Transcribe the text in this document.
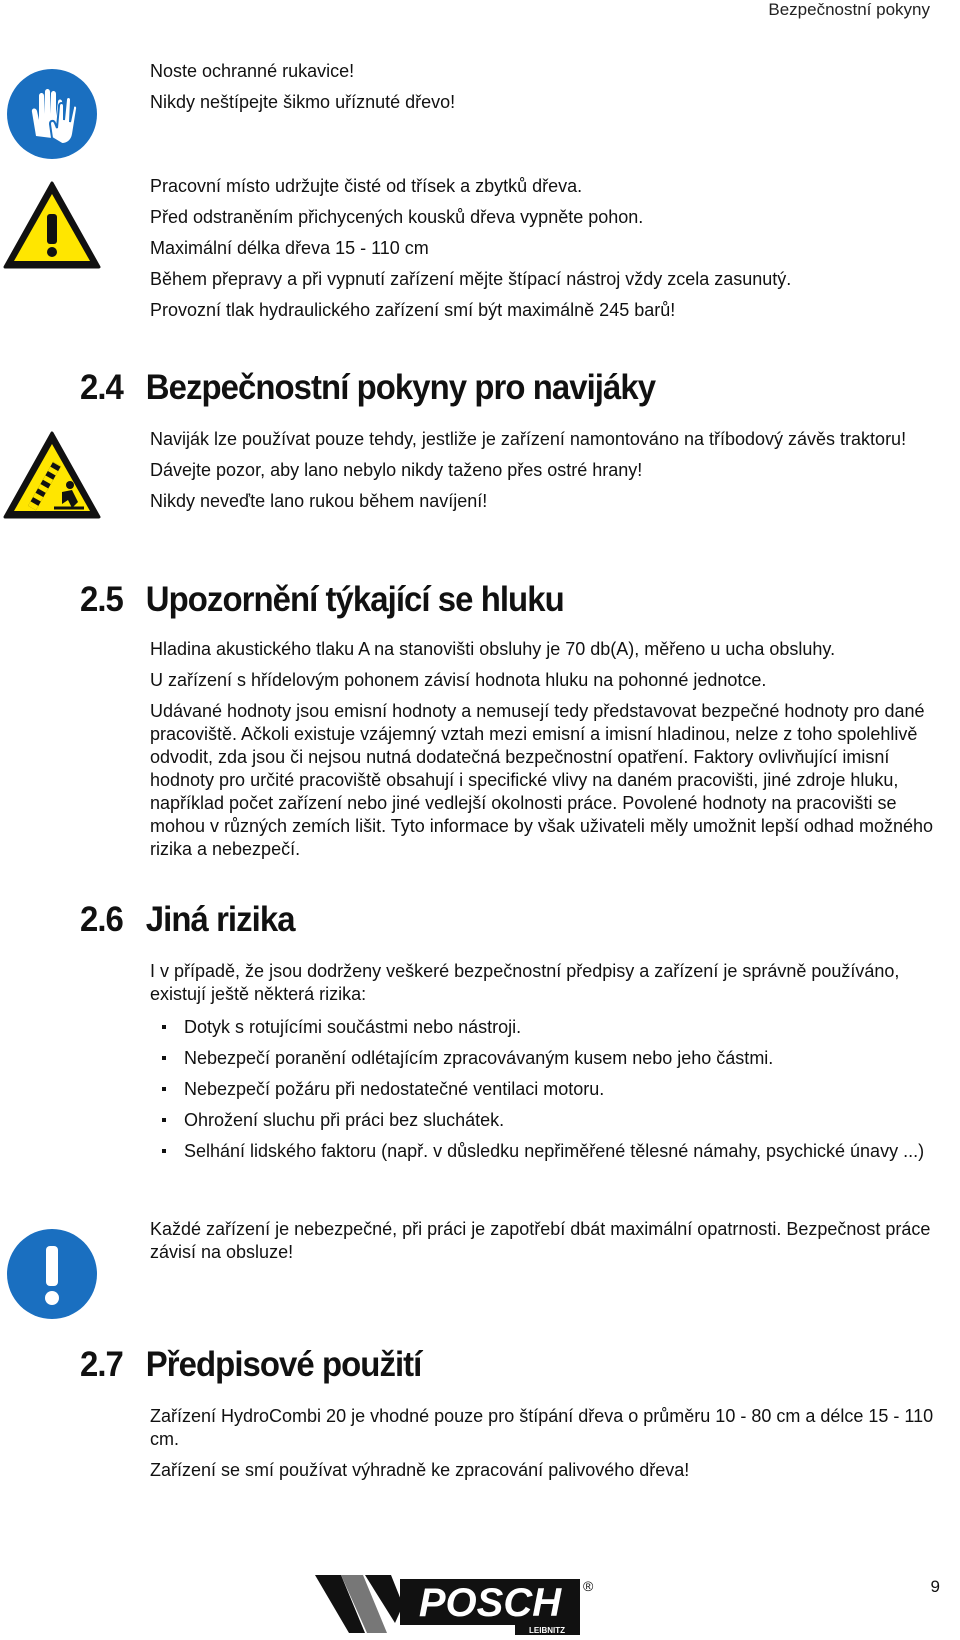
Bezpečnostní pokyny
Noste ochranné rukavice!
Nikdy neštípejte šikmo uříznuté dřevo!
Pracovní místo udržujte čisté od třísek a zbytků dřeva.
Před odstraněním přichycených kousků dřeva vypněte pohon.
Maximální délka dřeva 15 - 110 cm
Během přepravy a při vypnutí zařízení mějte štípací nástroj vždy zcela zasunutý.
Provozní tlak hydraulického zařízení smí být maximálně 245 barů!
2.4 Bezpečnostní pokyny pro navijáky
Naviják lze používat pouze tehdy, jestliže je zařízení namontováno na tříbodový závěs traktoru!
Dávejte pozor, aby lano nebylo nikdy taženo přes ostré hrany!
Nikdy neveďte lano rukou během navíjení!
2.5 Upozornění týkající se hluku
Hladina akustického tlaku A na stanovišti obsluhy je 70 db(A), měřeno u ucha obsluhy.
U zařízení s hřídelovým pohonem závisí hodnota hluku na pohonné jednotce.
Udávané hodnoty jsou emisní hodnoty a nemusejí tedy představovat bezpečné hodnoty pro dané pracoviště. Ačkoli existuje vzájemný vztah mezi emisní a imisní hladinou, nelze z toho spolehlivě odvodit, zda jsou či nejsou nutná dodatečná bezpečnostní opatření. Faktory ovlivňující imisní hodnoty pro určité pracoviště obsahují i specifické vlivy na daném pracovišti, jiné zdroje hluku, například počet zařízení nebo jiné vedlejší okolnosti práce. Povolené hodnoty na pracovišti se mohou v různých zemích lišit. Tyto informace by však uživateli měly umožnit lepší odhad možného rizika a nebezpečí.
2.6 Jiná rizika
I v případě, že jsou dodrženy veškeré bezpečnostní předpisy a zařízení je správně používáno, existují ještě některá rizika:
Dotyk s rotujícími součástmi nebo nástroji.
Nebezpečí poranění odlétajícím zpracovávaným kusem nebo jeho částmi.
Nebezpečí požáru při nedostatečné ventilaci motoru.
Ohrožení sluchu při práci bez sluchátek.
Selhání lidského faktoru (např. v důsledku nepřiměřené tělesné námahy, psychické únavy ...)
Každé zařízení je nebezpečné, při práci je zapotřebí dbát maximální opatrnosti. Bezpečnost práce závisí na obsluze!
2.7 Předpisové použití
Zařízení HydroCombi 20 je vhodné pouze pro štípání dřeva o průměru 10 - 80 cm a délce 15 - 110 cm.
Zařízení se smí používat výhradně ke zpracování palivového dřeva!
POSCH
LEIBNITZ
®	9
